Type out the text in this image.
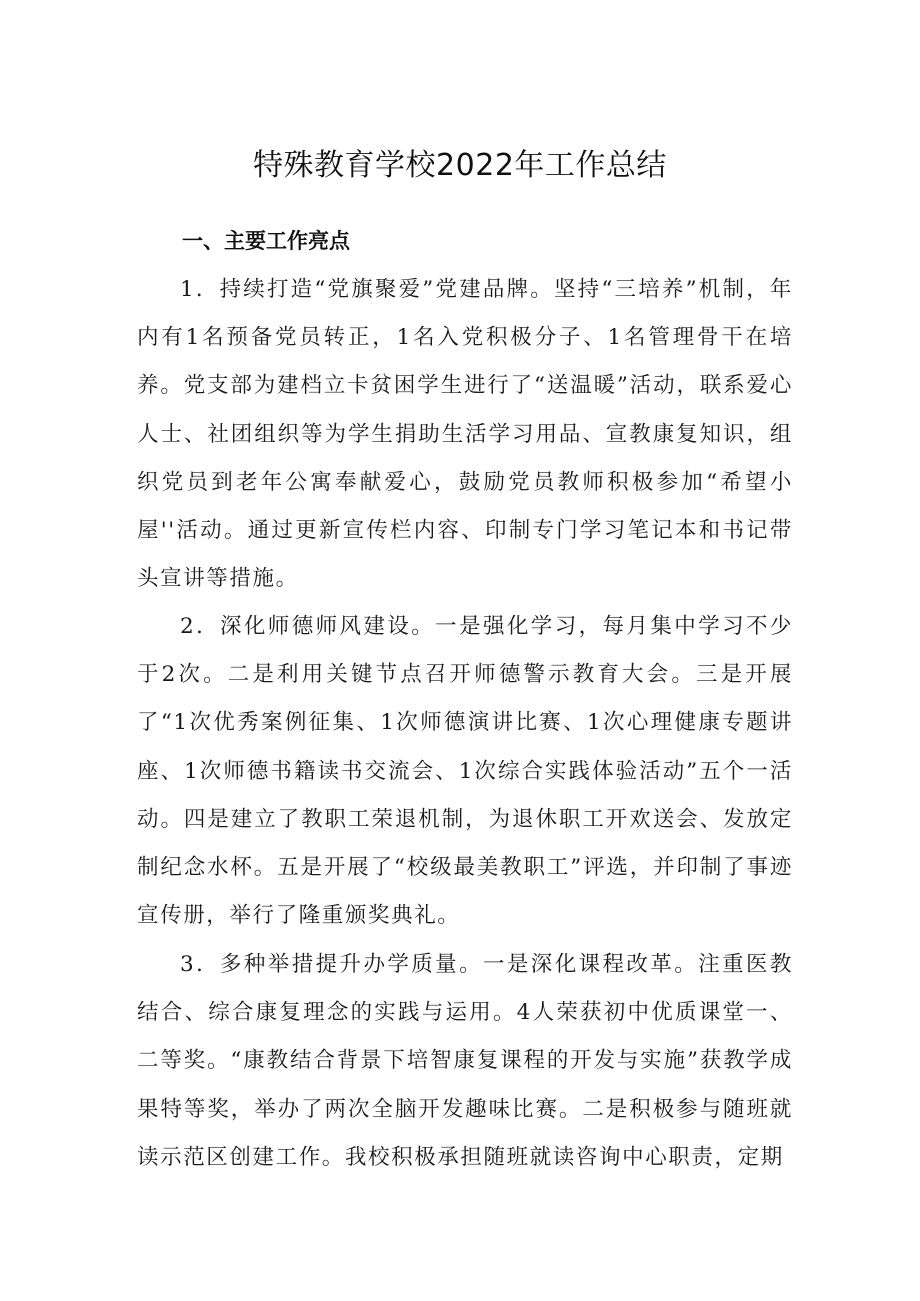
特殊教育学校2022年工作总结
一、主要工作亮点

1．持续打造“党旗聚爱”党建品牌。坚持“三培养”机制，年内有1名预备党员转正，1名入党积极分子、1名管理骨干在培养。党支部为建档立卡贫困学生进行了“送温暖”活动，联系爱心人士、社团组织等为学生捐助生活学习用品、宣教康复知识，组织党员到老年公寓奉献爱心，鼓励党员教师积极参加“希望小屋''活动。通过更新宣传栏内容、印制专门学习笔记本和书记带头宣讲等措施。

2．深化师德师风建设。一是强化学习，每月集中学习不少于2次。二是利用关键节点召开师德警示教育大会。三是开展了“1次优秀案例征集、1次师德演讲比赛、1次心理健康专题讲座、1次师德书籍读书交流会、1次综合实践体验活动”五个一活动。四是建立了教职工荣退机制，为退休职工开欢送会、发放定制纪念水杯。五是开展了“校级最美教职工”评选，并印制了事迹宣传册，举行了隆重颁奖典礼。

3．多种举措提升办学质量。一是深化课程改革。注重医教结合、综合康复理念的实践与运用。4人荣获初中优质课堂一、二等奖。“康教结合背景下培智康复课程的开发与实施”获教学成果特等奖，举办了两次全脑开发趣味比赛。二是积极参与随班就读示范区创建工作。我校积极承担随班就读咨询中心职责，定期
